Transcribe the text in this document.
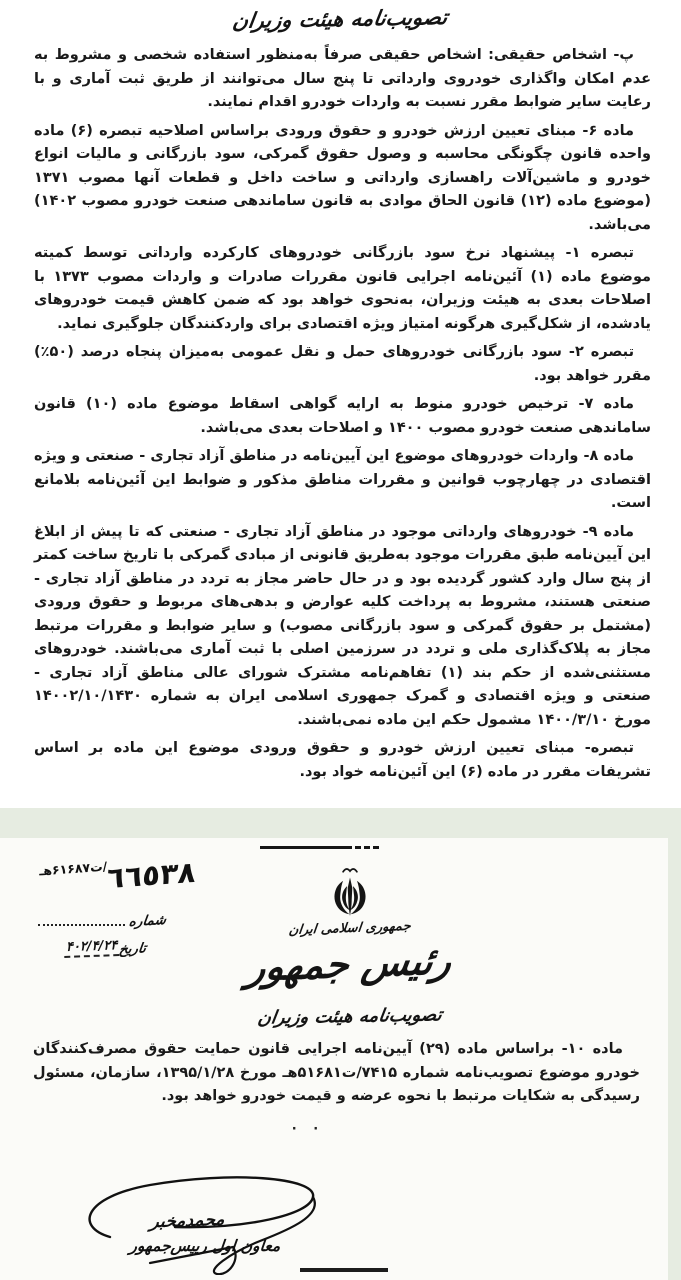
تصویب‌نامه هیئت وزیران

پ- اشخاص حقیقی: اشخاص حقیقی صرفاً به‌منظور استفاده شخصی و مشروط به عدم امکان واگذاری خودروی وارداتی تا پنج سال می‌توانند از طریق ثبت آماری و با رعایت سایر ضوابط مقرر نسبت به واردات خودرو اقدام نمایند.

ماده ۶- مبنای تعیین ارزش خودرو و حقوق ورودی براساس اصلاحیه تبصره (۶) ماده واحده قانون چگونگی محاسبه و وصول حقوق گمرکی، سود بازرگانی و مالیات انواع خودرو و ماشین‌آلات راهسازی وارداتی و ساخت داخل و قطعات آنها مصوب ۱۳۷۱ (موضوع ماده (۱۲) قانون الحاق موادی به قانون ساماندهی صنعت خودرو مصوب ۱۴۰۲) می‌باشد.

تبصره ۱- پیشنهاد نرخ سود بازرگانی خودروهای کارکرده وارداتی توسط کمیته موضوع ماده (۱) آئین‌نامه اجرایی قانون مقررات صادرات و واردات مصوب ۱۳۷۳ با اصلاحات بعدی به هیئت وزیران، به‌نحوی خواهد بود که ضمن کاهش قیمت خودروهای یادشده، از شکل‌گیری هرگونه امتیاز ویژه اقتصادی برای واردکنندگان جلوگیری نماید.

تبصره ۲- سود بازرگانی خودروهای حمل و نقل عمومی به‌میزان پنجاه درصد (۵۰٪) مقرر خواهد بود.

ماده ۷- ترخیص خودرو منوط به ارایه گواهی اسقاط موضوع ماده (۱۰) قانون ساماندهی صنعت خودرو مصوب ۱۴۰۰ و اصلاحات بعدی می‌باشد.

ماده ۸- واردات خودروهای موضوع این آیین‌نامه در مناطق آزاد تجاری - صنعتی و ویژه اقتصادی در چهارچوب قوانین و مقررات مناطق مذکور و ضوابط این آئین‌نامه بلامانع است.

ماده ۹- خودروهای وارداتی موجود در مناطق آزاد تجاری - صنعتی که تا پیش از ابلاغ این آیین‌نامه طبق مقررات موجود به‌طریق قانونی از مبادی گمرکی با تاریخ ساخت کمتر از پنج سال وارد کشور گردیده بود و در حال حاضر مجاز به تردد در مناطق آزاد تجاری - صنعتی هستند، مشروط به پرداخت کلیه عوارض و بدهی‌های مربوط و حقوق ورودی (مشتمل بر حقوق گمرکی و سود بازرگانی مصوب) و سایر ضوابط و مقررات مرتبط مجاز به پلاک‌گذاری ملی و تردد در سرزمین اصلی با ثبت آماری می‌باشند. خودروهای مستثنی‌شده از حکم بند (۱) تفاهم‌نامه مشترک شورای عالی مناطق آزاد تجاری - صنعتی و ویژه اقتصادی و گمرک جمهوری اسلامی ایران به شماره ۱۴۰۰۲/۱۰/۱۴۳۰ مورخ ۱۴۰۰/۳/۱۰ مشمول حکم این ماده نمی‌باشند.

تبصره- مبنای تعیین ارزش خودرو و حقوق ورودی موضوع این ماده بر اساس تشریفات مقرر در ماده (۶) این آئین‌نامه خواد بود.

٦٦٥٣٨
/ت۶۱۶۸۷هـ
شماره
تاریخ
۴۰۲/۴/۲۴
جمهوری اسلامی ایران
رئیس جمهور
تصویب‌نامه هیئت وزیران

ماده ۱۰- براساس ماده (۲۹) آیین‌نامه اجرایی قانون حمایت حقوق مصرف‌کنندگان خودرو موضوع تصویب‌نامه شماره ۷۴۱۵/ت۵۱۶۸۱هـ مورخ ۱۳۹۵/۱/۲۸، سازمان، مسئول رسیدگی به شکایات مرتبط با نحوه عرضه و قیمت خودرو خواهد بود.

· ·
محمدمخبر
معاون اول رییس‌جمهور
